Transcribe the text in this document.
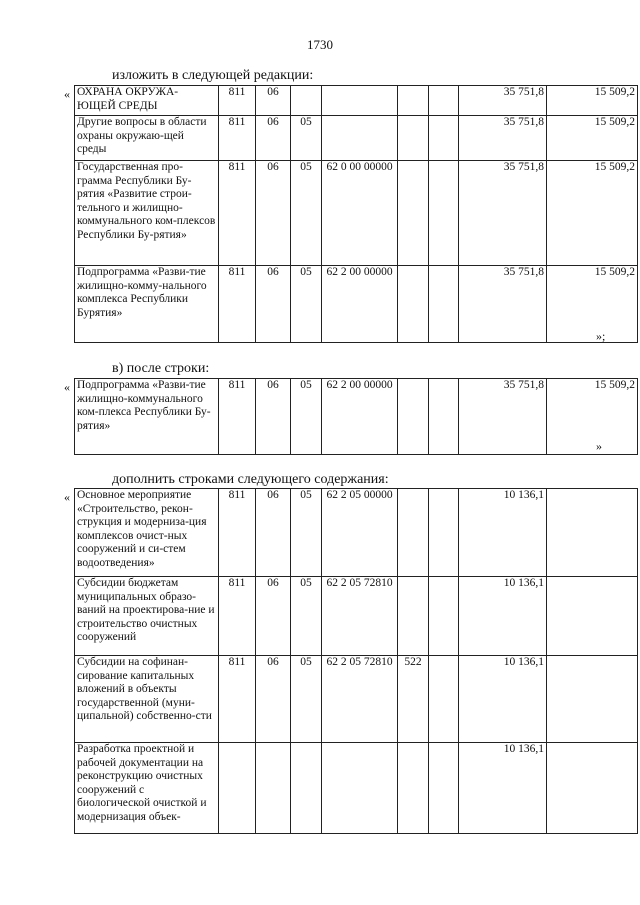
1730
изложить в следующей редакции:
« ОХРАНА ОКРУЖА-ЮЩЕЙ СРЕДЫ	811	06					35 751,8	15 509,2
Другие вопросы в области охраны окружаю-щей среды	811	06	05				35 751,8	15 509,2
Государственная про-грамма Республики Бу-рятия «Развитие строи-тельного и жилищно-коммунального ком-плексов Республики Бу-рятия»	811	06	05	62 0 00 00000			35 751,8	15 509,2
Подпрограмма «Разви-тие жилищно-комму-нального комплекса Республики Бурятия»	811	06	05	62 2 00 00000			35 751,8	15 509,2
»;
в) после строки:
« Подпрограмма «Разви-тие жилищно-коммунального ком-плекса Республики Бу-рятия»	811	06	05	62 2 00 00000			35 751,8	15 509,2
»
дополнить строками следующего содержания:
« Основное мероприятие «Строительство, рекон-струкция и модерниза-ция комплексов очист-ных сооружений и си-стем водоотведения»	811	06	05	62 2 05 00000			10 136,1	
Субсидии бюджетам муниципальных образо-ваний на проектирова-ние и строительство очистных сооружений	811	06	05	62 2 05 72810			10 136,1	
Субсидии на софинан-сирование капитальных вложений в объекты государственной (муни-ципальной) собственно-сти	811	06	05	62 2 05 72810	522		10 136,1	
Разработка проектной и рабочей документации на реконструкцию очистных сооружений с биологической очисткой и модернизация объек-							10 136,1	
